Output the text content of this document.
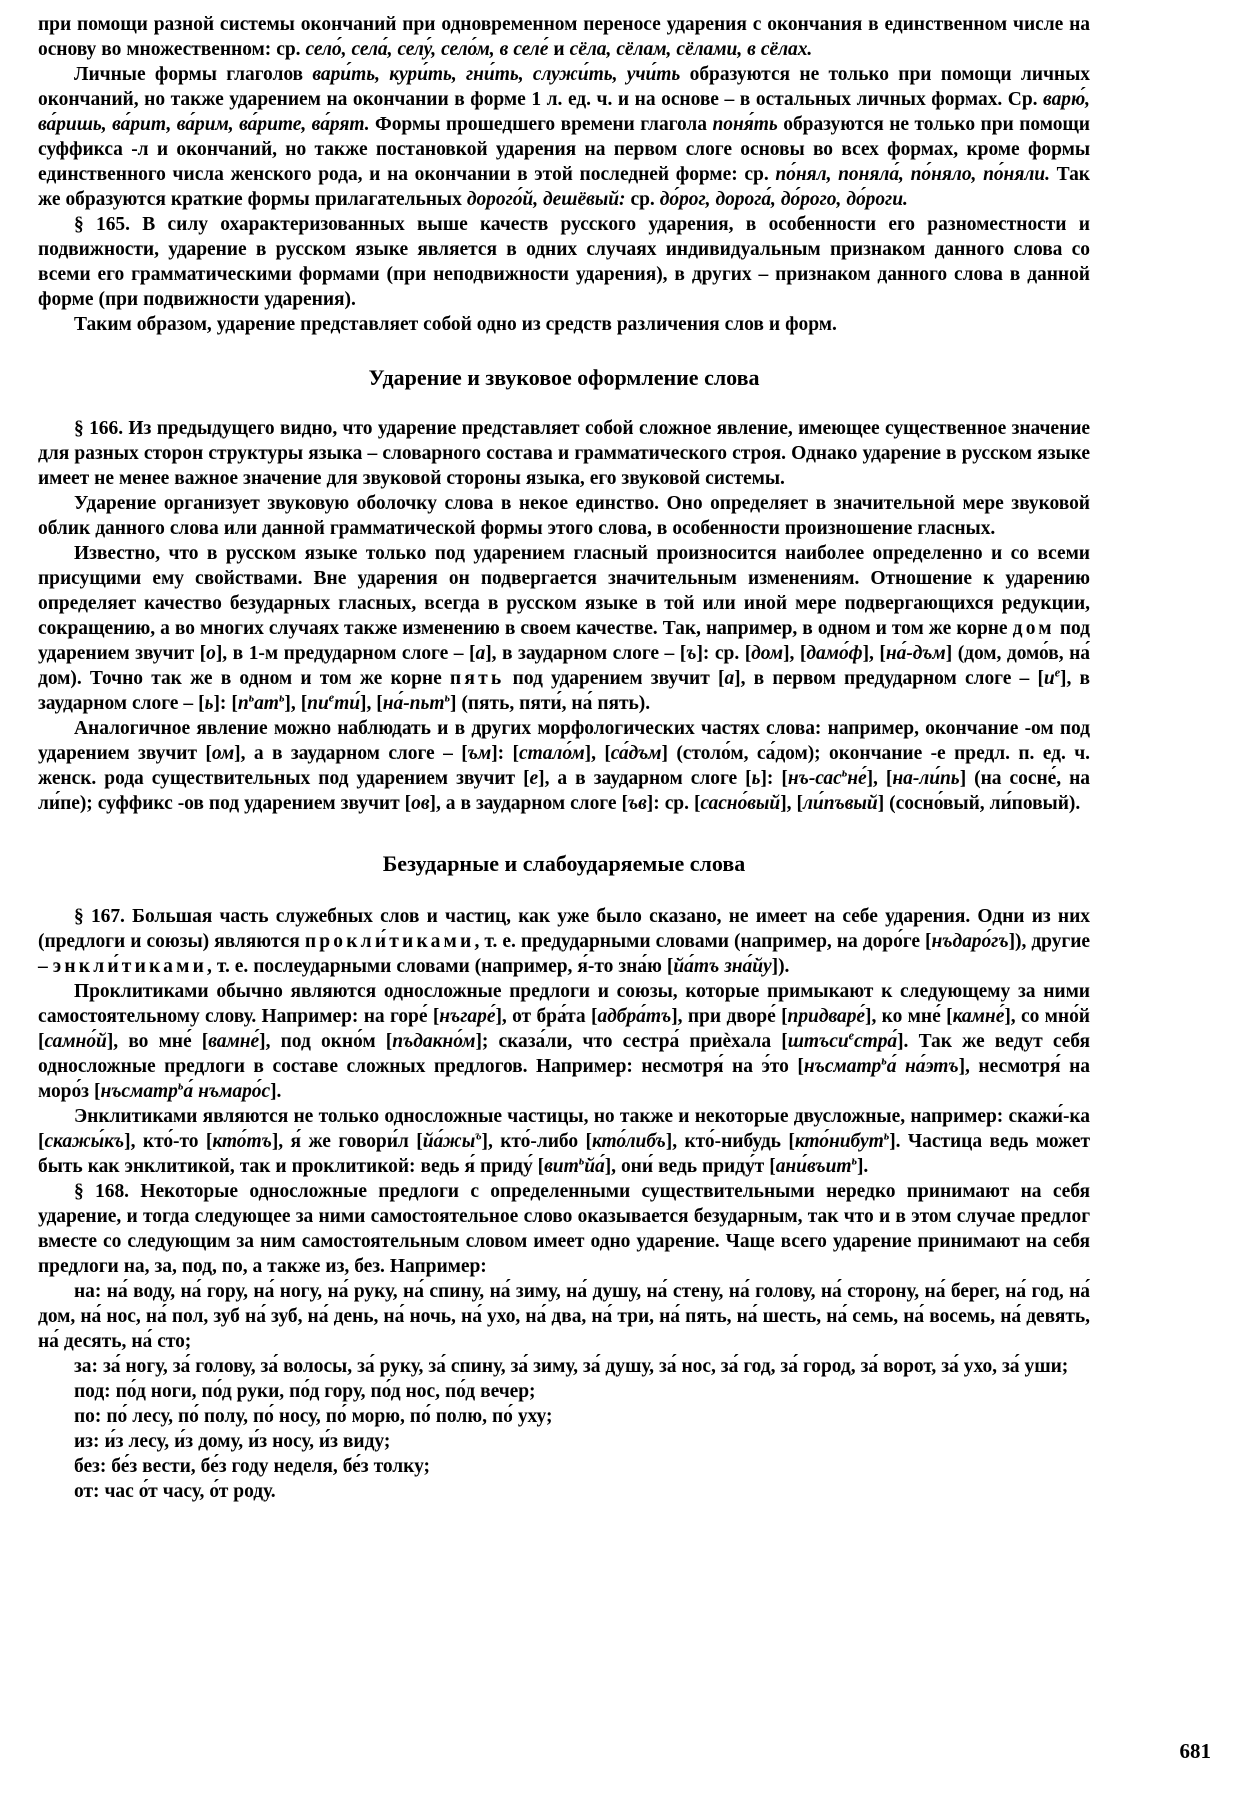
при помощи разной системы окончаний при одновременном переносе ударения с окончания в единственном числе на основу во множественном: ср. село́, села́, селу́, село́м, в селе́ и сёла, сёлам, сёлами, в сёлах.

Личные формы глаголов вари́ть, кури́ть, гни́ть, служи́ть, учи́ть образуются не только при помощи личных окончаний, но также ударением на окончании в форме 1 л. ед. ч. и на основе – в остальных личных формах. Ср. варю́, ва́ришь, ва́рит, ва́рим, ва́рите, ва́рят. Формы прошедшего времени глагола поня́ть образуются не только при помощи суффикса -л и окончаний, но также постановкой ударения на первом слоге основы во всех формах, кроме формы единственного числа женского рода, и на окончании в этой последней форме: ср. по́нял, поняла́, по́няло, по́няли. Так же образуются краткие формы прилагательных дорого́й, дешёвый: ср. до́рог, дорога́, до́рого, до́роги.

§ 165. В силу охарактеризованных выше качеств русского ударения, в особенности его разноместности и подвижности, ударение в русском языке является в одних случаях индивидуальным признаком данного слова со всеми его грамматическими формами (при неподвижности ударения), в других – признаком данного слова в данной форме (при подвижности ударения).

Таким образом, ударение представляет собой одно из средств различения слов и форм.

Ударение и звуковое оформление слова

§ 166. Из предыдущего видно, что ударение представляет собой сложное явление, имеющее существенное значение для разных сторон структуры языка – словарного состава и грамматического строя. Однако ударение в русском языке имеет не менее важное значение для звуковой стороны языка, его звуковой системы.

Ударение организует звуковую оболочку слова в некое единство. Оно определяет в значительной мере звуковой облик данного слова или данной грамматической формы этого слова, в особенности произношение гласных.

Известно, что в русском языке только под ударением гласный произносится наиболее определенно и со всеми присущими ему свойствами. Вне ударения он подвергается значительным изменениям. Отношение к ударению определяет качество безударных гласных, всегда в русском языке в той или иной мере подвергающихся редукции, сокращению, а во многих случаях также изменению в своем качестве. Так, например, в одном и том же корне дом под ударением звучит [о], в 1-м предударном слоге – [а], в заударном слоге – [ъ]: ср. [дом], [дамо́ф], [на́-дъм] (дом, домо́в, на́ дом). Точно так же в одном и том же корне пять под ударением звучит [а], в первом предударном слоге – $[и^е]$, в заударном слоге – [ь]: $[п^ьат^ь]$, $[пи^ети́]$, [на́-пьт$^ь$] (пять, пяти́, на́ пять).

Аналогичное явление можно наблюдать и в других морфологических частях слова: например, окончание -ом под ударением звучит [ом], а в заударном слоге – [ъм]: [стало́м], [са́дъм] (столо́м, са́дом); окончание -е предл. п. ед. ч. женск. рода существительных под ударением звучит [е], а в заударном слоге [ь]: [нъ-сас$^ь$не́], [на-ли́пь] (на сосне́, на ли́пе); суффикс -ов под ударением звучит [ов], а в заударном слоге [ъв]: ср. [сасно́вый], [ли́пъвый] (сосно́вый, ли́повый).

Безударные и слабоударяемые слова

§ 167. Большая часть служебных слов и частиц, как уже было сказано, не имеет на себе ударения. Одни из них (предлоги и союзы) являются прокли́тиками, т. е. предударными словами (например, на доро́ге [нъдаро́гъ]), другие – энкли́тиками, т. е. послеударными словами (например, я́-то зна́ю [йа́тъ зна́йу]).

Проклитиками обычно являются односложные предлоги и союзы, которые примыкают к следующему за ними самостоятельному слову. Например: на горе́ [нъгаре́], от бра́та [адбра́тъ], при дворе́ [придваре́], ко мне́ [камне́], со мно́й [самно́й], во мне́ [вамне́], под окно́м [пъдакно́м]; сказа́ли, что сестра́ приѐхала [штъси$^е$стра́]. Так же ведут себя односложные предлоги в составе сложных предлогов. Например: несмотря́ на э́то [нъсматр$^ь$а́ на́этъ], несмотря́ на моро́з [нъсматр$^ь$а́ нъмаро́с].

Энклитиками являются не только односложные частицы, но также и некоторые двусложные, например: скажи́-ка [скажы́къ], кто́-то [кто́тъ], я́ же говори́л $[йа́жы^ъ]$, кто́-либо [кто́либъ], кто́-нибудь [кто́нибут$^ь$]. Частица ведь может быть как энклитикой, так и проклитикой: ведь я́ приду́ [вит$^ь$йа́], они́ ведь приду́т [ани́въит$^ь$].

§ 168. Некоторые односложные предлоги с определенными существительными нередко принимают на себя ударение, и тогда следующее за ними самостоятельное слово оказывается безударным, так что и в этом случае предлог вместе со следующим за ним самостоятельным словом имеет одно ударение. Чаще всего ударение принимают на себя предлоги на, за, под, по, а также из, без. Например:

на: на́ воду, на́ гору, на́ ногу, на́ руку, на́ спину, на́ зиму, на́ душу, на́ стену, на́ голову, на́ сторону, на́ берег, на́ год, на́ дом, на́ нос, на́ пол, зуб на́ зуб, на́ день, на́ ночь, на́ ухо, на́ два, на́ три, на́ пять, на́ шесть, на́ семь, на́ восемь, на́ девять, на́ десять, на́ сто;

за: за́ ногу, за́ голову, за́ волосы, за́ руку, за́ спину, за́ зиму, за́ душу, за́ нос, за́ год, за́ город, за́ ворот, за́ ухо, за́ уши;

под: по́д ноги, по́д руки, по́д гору, по́д нос, по́д вечер;

по: по́ лесу, по́ полу, по́ носу, по́ морю, по́ полю, по́ уху;

из: и́з лесу, и́з дому, и́з носу, и́з виду;

без: бе́з вести, бе́з году неделя, бе́з толку;

от: час о́т часу, о́т роду.

681
